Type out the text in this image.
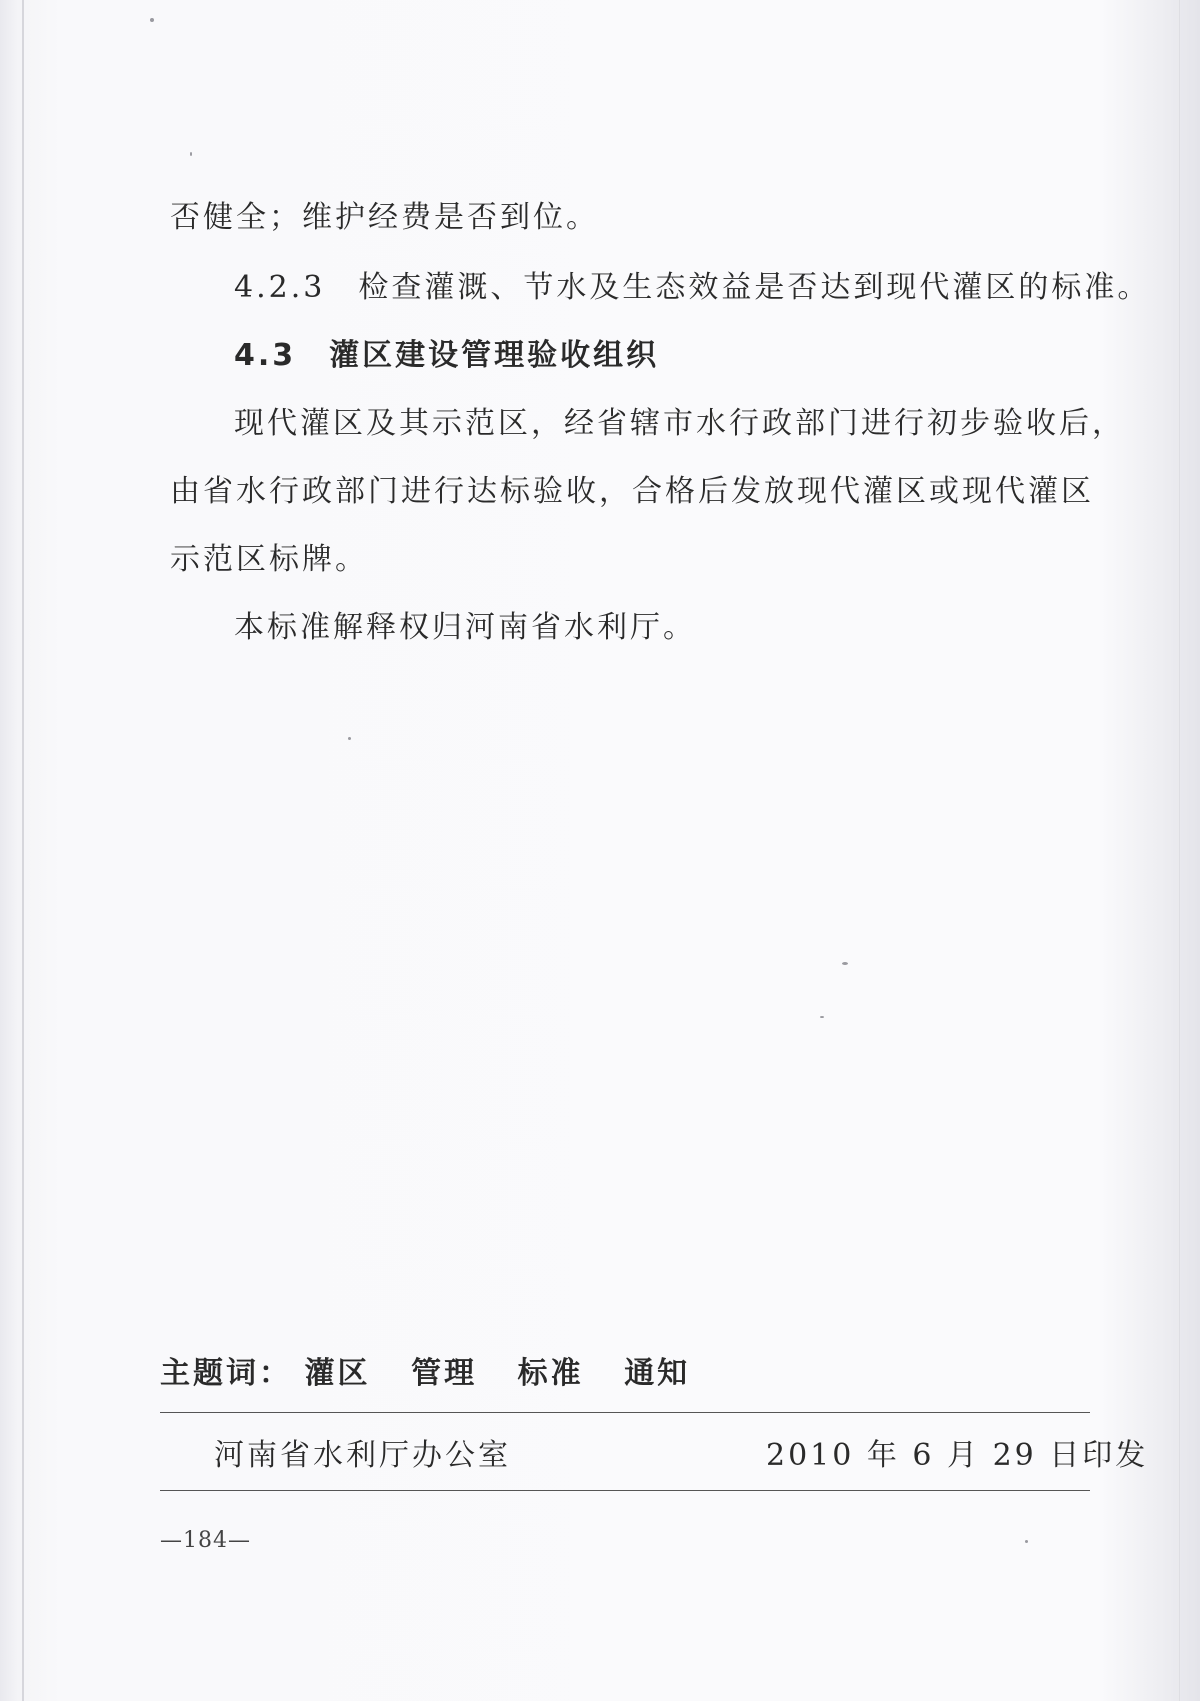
否健全；维护经费是否到位。
4.2.3　检查灌溉、节水及生态效益是否达到现代灌区的标准。
4.3　灌区建设管理验收组织
现代灌区及其示范区，经省辖市水行政部门进行初步验收后，
由省水行政部门进行达标验收，合格后发放现代灌区或现代灌区
示范区标牌。
本标准解释权归河南省水利厅。
主题词： 灌区 管理 标准 通知
河南省水利厅办公室	2010 年 6 月 29 日印发
—184—
